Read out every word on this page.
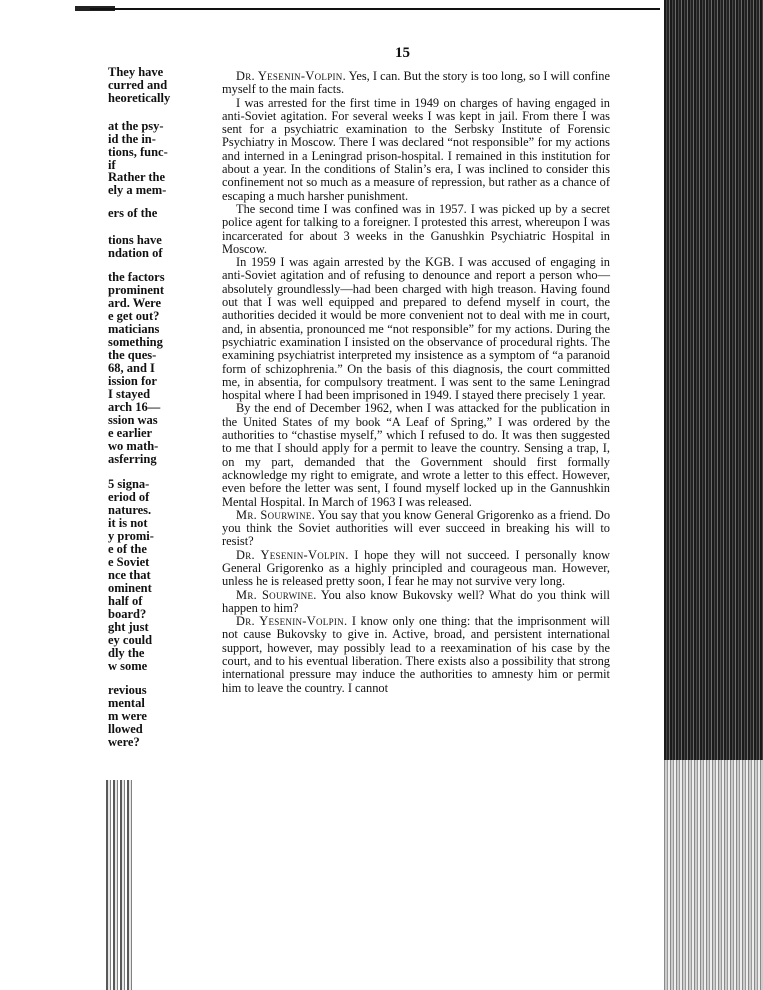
15
They have
curred and
heoretically
at the psy-
id the in-
tions, func-
if
Rather the
ely a mem-
ers of the
tions have
ndation of
the factors
prominent
ard. Were
e get out?
maticians
something
the ques-
68, and I
ission for
I stayed
arch 16—
ssion was
e earlier
wo math-
asferring
5 signa-
eriod of
natures.
it is not
y promi-
e of the
e Soviet
nce that
ominent
half of
board?
ght just
ey could
dly the
w some
revious
mental
m were
llowed
were?

Dr. Yesenin-Volpin. Yes, I can. But the story is too long, so I will confine myself to the main facts.

I was arrested for the first time in 1949 on charges of having engaged in anti-Soviet agitation. For several weeks I was kept in jail. From there I was sent for a psychiatric examination to the Serbsky Institute of Forensic Psychiatry in Moscow. There I was declared “not responsible” for my actions and interned in a Leningrad prison-hospital. I remained in this institution for about a year. In the conditions of Stalin’s era, I was inclined to consider this confinement not so much as a measure of repression, but rather as a chance of escaping a much harsher punishment.

The second time I was confined was in 1957. I was picked up by a secret police agent for talking to a foreigner. I protested this arrest, whereupon I was incarcerated for about 3 weeks in the Ganushkin Psychiatric Hospital in Moscow.

In 1959 I was again arrested by the KGB. I was accused of engaging in anti-Soviet agitation and of refusing to denounce and report a person who—absolutely groundlessly—had been charged with high treason. Having found out that I was well equipped and prepared to defend myself in court, the authorities decided it would be more convenient not to deal with me in court, and, in absentia, pronounced me “not responsible” for my actions. During the psychiatric examination I insisted on the observance of procedural rights. The examining psychiatrist interpreted my insistence as a symptom of “a paranoid form of schizophrenia.” On the basis of this diagnosis, the court committed me, in absentia, for compulsory treatment. I was sent to the same Leningrad hospital where I had been imprisoned in 1949. I stayed there precisely 1 year.

By the end of December 1962, when I was attacked for the publication in the United States of my book “A Leaf of Spring,” I was ordered by the authorities to “chastise myself,” which I refused to do. It was then suggested to me that I should apply for a permit to leave the country. Sensing a trap, I, on my part, demanded that the Government should first formally acknowledge my right to emigrate, and wrote a letter to this effect. However, even before the letter was sent, I found myself locked up in the Gannushkin Mental Hospital. In March of 1963 I was released.

Mr. Sourwine. You say that you know General Grigorenko as a friend. Do you think the Soviet authorities will ever succeed in breaking his will to resist?

Dr. Yesenin-Volpin. I hope they will not succeed. I personally know General Grigorenko as a highly principled and courageous man. However, unless he is released pretty soon, I fear he may not survive very long.

Mr. Sourwine. You also know Bukovsky well? What do you think will happen to him?

Dr. Yesenin-Volpin. I know only one thing: that the imprisonment will not cause Bukovsky to give in. Active, broad, and persistent international support, however, may possibly lead to a reexamination of his case by the court, and to his eventual liberation. There exists also a possibility that strong international pressure may induce the authorities to amnesty him or permit him to leave the country. I cannot
